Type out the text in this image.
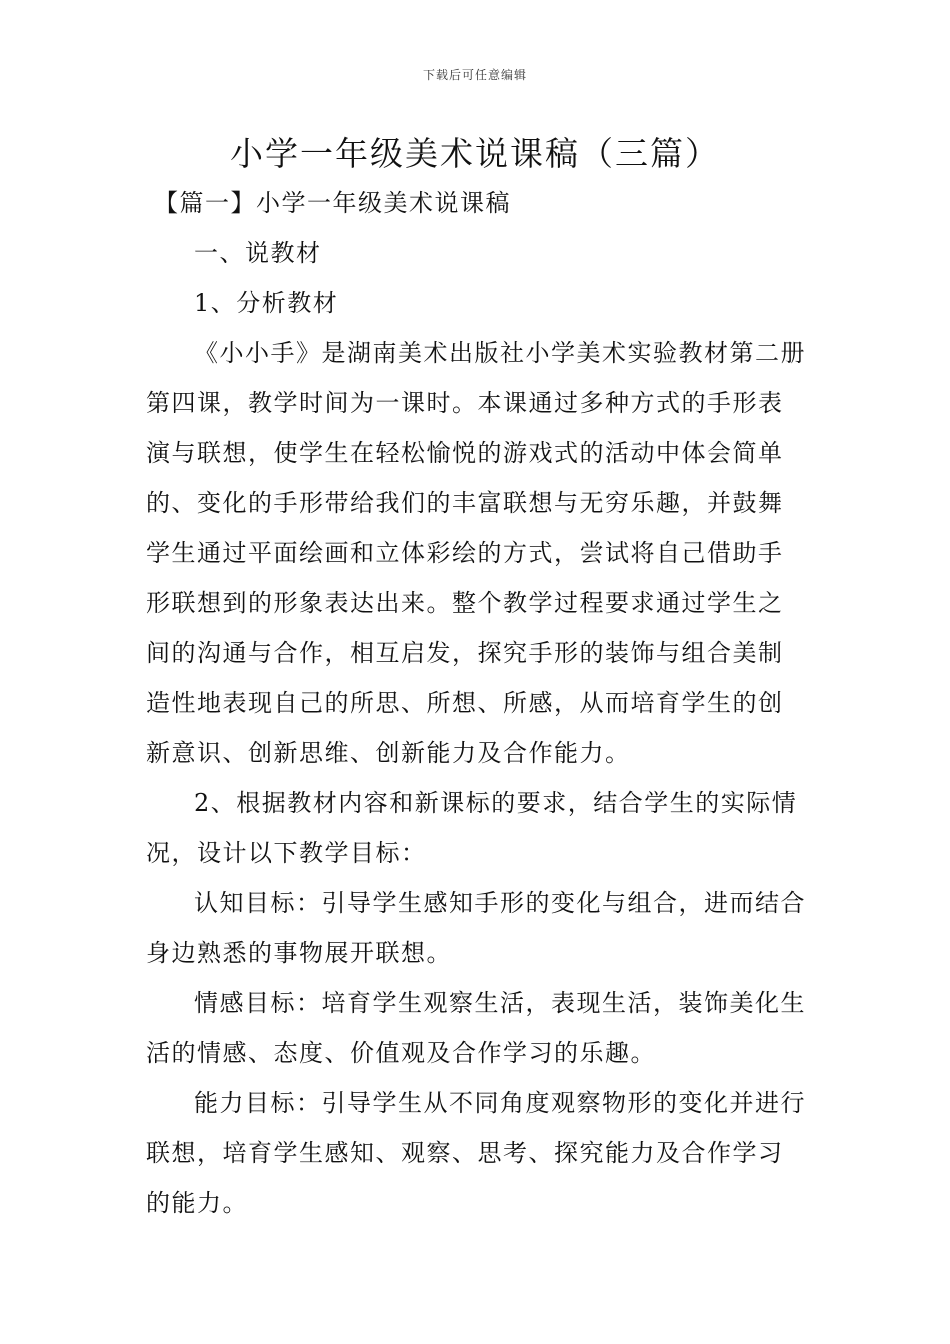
下载后可任意编辑
小学一年级美术说课稿（三篇）

【篇一】小学一年级美术说课稿

一、说教材

1、分析教材

《小小手》是湖南美术出版社小学美术实验教材第二册第四课，教学时间为一课时。本课通过多种方式的手形表演与联想，使学生在轻松愉悦的游戏式的活动中体会简单的、变化的手形带给我们的丰富联想与无穷乐趣，并鼓舞学生通过平面绘画和立体彩绘的方式，尝试将自己借助手形联想到的形象表达出来。整个教学过程要求通过学生之间的沟通与合作，相互启发，探究手形的装饰与组合美制造性地表现自己的所思、所想、所感，从而培育学生的创新意识、创新思维、创新能力及合作能力。

2、根据教材内容和新课标的要求，结合学生的实际情况，设计以下教学目标：

认知目标：引导学生感知手形的变化与组合，进而结合身边熟悉的事物展开联想。

情感目标：培育学生观察生活，表现生活，装饰美化生活的情感、态度、价值观及合作学习的乐趣。

能力目标：引导学生从不同角度观察物形的变化并进行联想，培育学生感知、观察、思考、探究能力及合作学习的能力。
